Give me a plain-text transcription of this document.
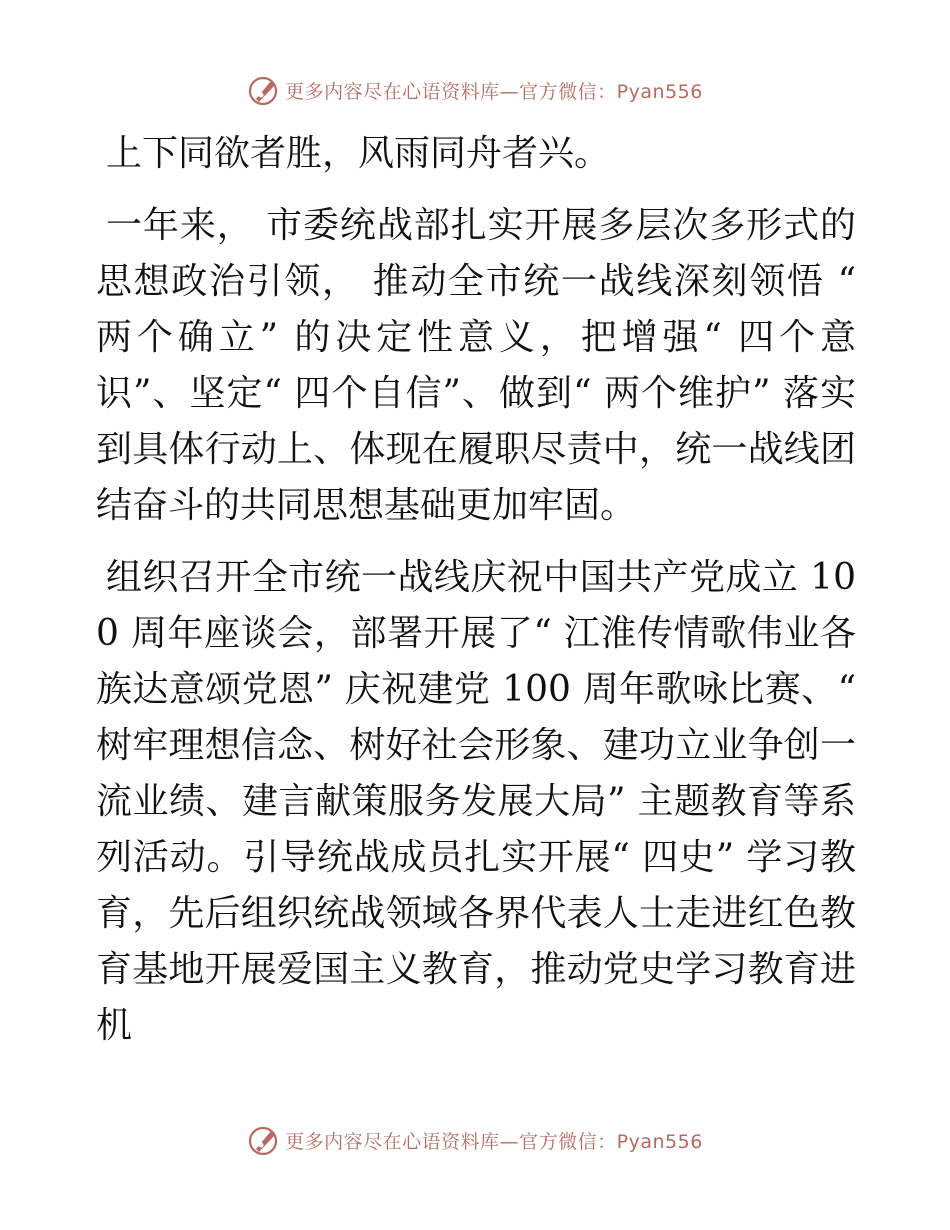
更多内容尽在心语资料库—官方微信：Pyan556

上下同欲者胜，风雨同舟者兴。

一年来， 市委统战部扎实开展多层次多形式的思想政治引领， 推动全市统一战线深刻领悟 “ 两个确立” 的决定性意义，把增强“ 四个意识”、坚定“ 四个自信”、做到“ 两个维护” 落实到具体行动上、体现在履职尽责中，统一战线团结奋斗的共同思想基础更加牢固。

组织召开全市统一战线庆祝中国共产党成立 100 周年座谈会，部署开展了“ 江淮传情歌伟业各族达意颂党恩” 庆祝建党 100 周年歌咏比赛、“ 树牢理想信念、树好社会形象、建功立业争创一流业绩、建言献策服务发展大局” 主题教育等系列活动。引导统战成员扎实开展“ 四史” 学习教育，先后组织统战领域各界代表人士走进红色教育基地开展爱国主义教育，推动党史学习教育进机

更多内容尽在心语资料库—官方微信：Pyan556
